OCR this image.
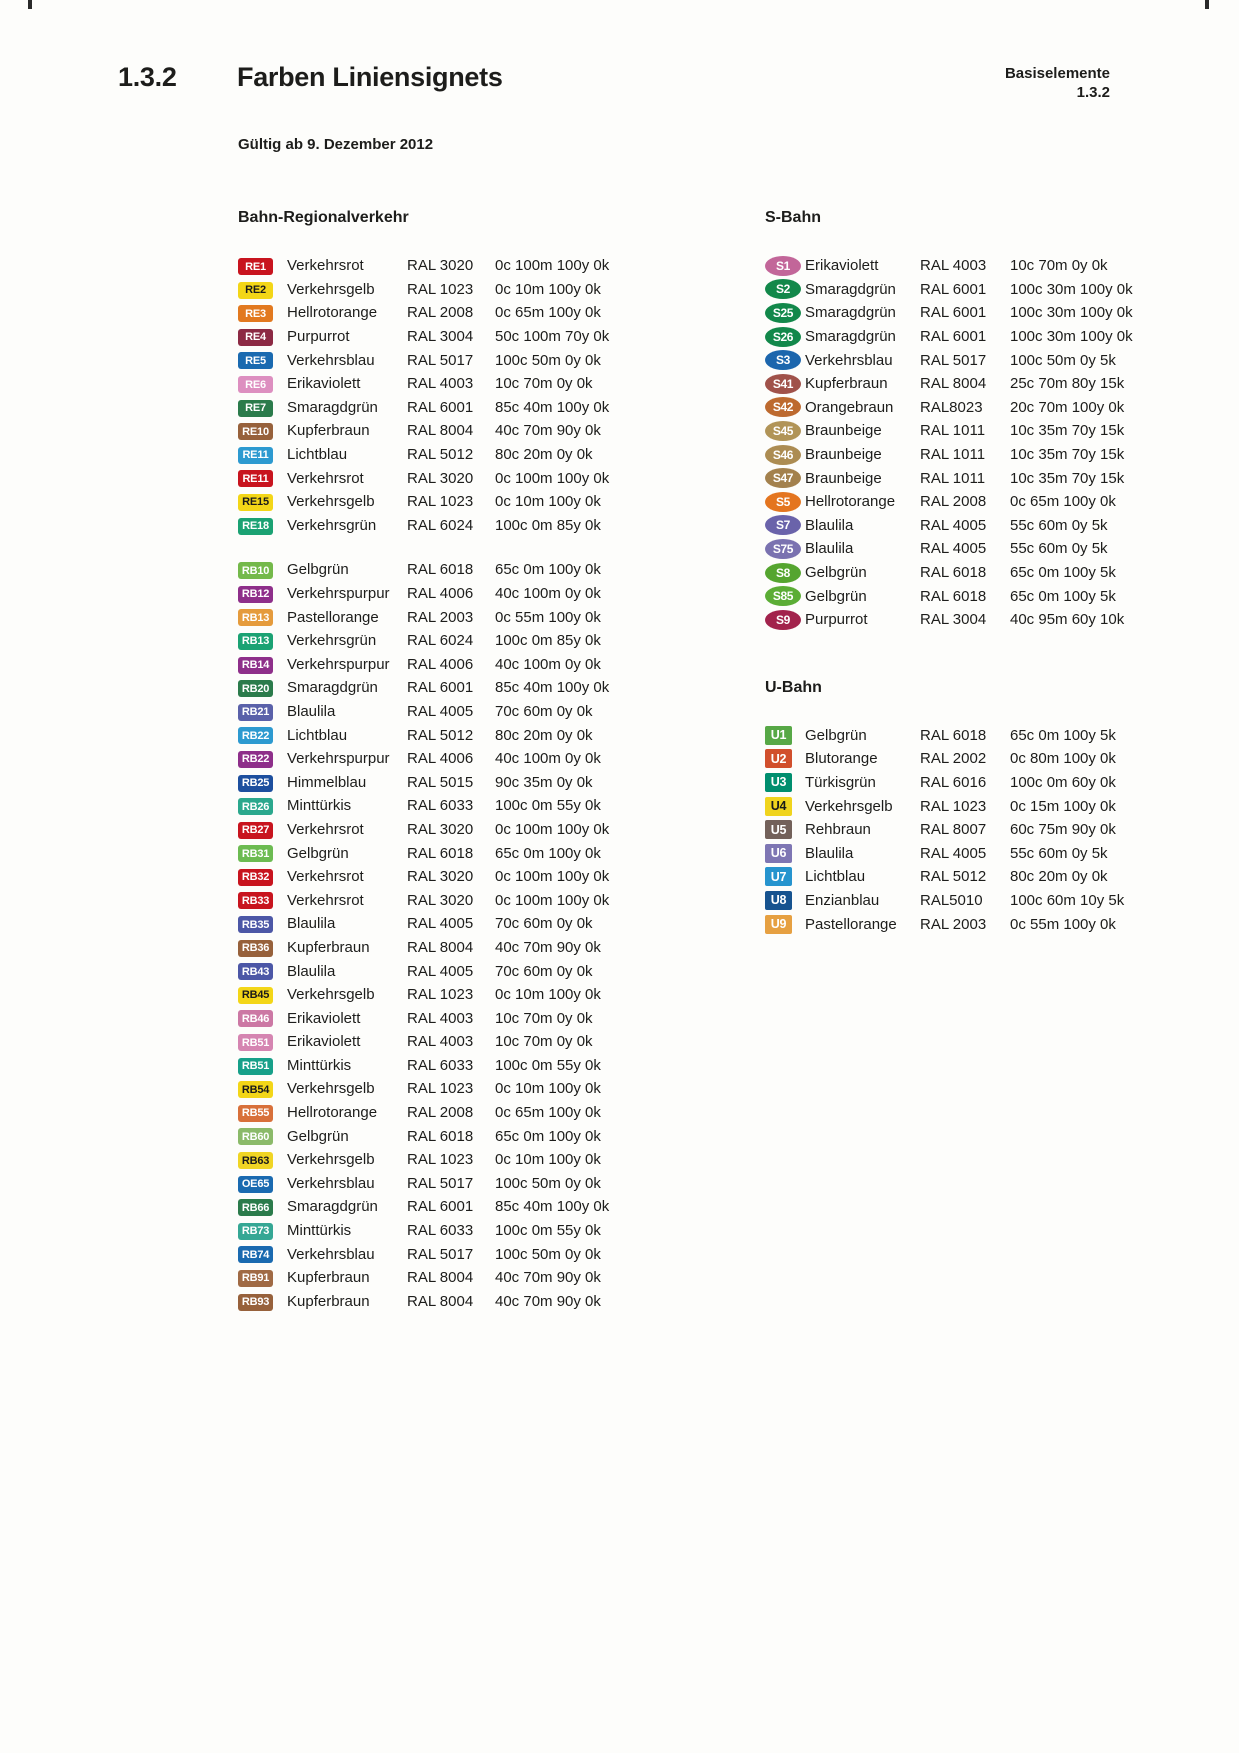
1.3.2 Farben Liniensignets	Basiselemente
1.3.2
Gültig ab 9. Dezember 2012
Bahn-Regionalverkehr
RE1	Verkehrsrot	RAL 3020	0c 100m 100y 0k
RE2	Verkehrsgelb	RAL 1023	0c 10m 100y 0k
RE3	Hellrotorange	RAL 2008	0c 65m 100y 0k
RE4	Purpurrot	RAL 3004	50c 100m 70y 0k
RE5	Verkehrsblau	RAL 5017	100c 50m 0y 0k
RE6	Erikaviolett	RAL 4003	10c 70m 0y 0k
RE7	Smaragdgrün	RAL 6001	85c 40m 100y 0k
RE10	Kupferbraun	RAL 8004	40c 70m 90y 0k
RE11	Lichtblau	RAL 5012	80c 20m 0y 0k
RE11	Verkehrsrot	RAL 3020	0c 100m 100y 0k
RE15	Verkehrsgelb	RAL 1023	0c 10m 100y 0k
RE18	Verkehrsgrün	RAL 6024	100c 0m 85y 0k
RB10	Gelbgrün	RAL 6018	65c 0m 100y 0k
RB12	Verkehrspurpur	RAL 4006	40c 100m 0y 0k
RB13	Pastellorange	RAL 2003	0c 55m 100y 0k
RB13	Verkehrsgrün	RAL 6024	100c 0m 85y 0k
RB14	Verkehrspurpur	RAL 4006	40c 100m 0y 0k
RB20	Smaragdgrün	RAL 6001	85c 40m 100y 0k
RB21	Blaulila	RAL 4005	70c 60m 0y 0k
RB22	Lichtblau	RAL 5012	80c 20m 0y 0k
RB22	Verkehrspurpur	RAL 4006	40c 100m 0y 0k
RB25	Himmelblau	RAL 5015	90c 35m 0y 0k
RB26	Minttürkis	RAL 6033	100c 0m 55y 0k
RB27	Verkehrsrot	RAL 3020	0c 100m 100y 0k
RB31	Gelbgrün	RAL 6018	65c 0m 100y 0k
RB32	Verkehrsrot	RAL 3020	0c 100m 100y 0k
RB33	Verkehrsrot	RAL 3020	0c 100m 100y 0k
RB35	Blaulila	RAL 4005	70c 60m 0y 0k
RB36	Kupferbraun	RAL 8004	40c 70m 90y 0k
RB43	Blaulila	RAL 4005	70c 60m 0y 0k
RB45	Verkehrsgelb	RAL 1023	0c 10m 100y 0k
RB46	Erikaviolett	RAL 4003	10c 70m 0y 0k
RB51	Erikaviolett	RAL 4003	10c 70m 0y 0k
RB51	Minttürkis	RAL 6033	100c 0m 55y 0k
RB54	Verkehrsgelb	RAL 1023	0c 10m 100y 0k
RB55	Hellrotorange	RAL 2008	0c 65m 100y 0k
RB60	Gelbgrün	RAL 6018	65c 0m 100y 0k
RB63	Verkehrsgelb	RAL 1023	0c 10m 100y 0k
OE65	Verkehrsblau	RAL 5017	100c 50m 0y 0k
RB66	Smaragdgrün	RAL 6001	85c 40m 100y 0k
RB73	Minttürkis	RAL 6033	100c 0m 55y 0k
RB74	Verkehrsblau	RAL 5017	100c 50m 0y 0k
RB91	Kupferbraun	RAL 8004	40c 70m 90y 0k
RB93	Kupferbraun	RAL 8004	40c 70m 90y 0k
S-Bahn
S1	Erikaviolett	RAL 4003	10c 70m 0y 0k
S2	Smaragdgrün	RAL 6001	100c 30m 100y 0k
S25 Smaragdgrün	RAL 6001	100c 30m 100y 0k
S26 Smaragdgrün	RAL 6001	100c 30m 100y 0k
S3	Verkehrsblau	RAL 5017	100c 50m 0y 5k
S41 Kupferbraun	RAL 8004	25c 70m 80y 15k
S42 Orangebraun	RAL8023	20c 70m 100y 0k
S45 Braunbeige	RAL 1011	10c 35m 70y 15k
S46 Braunbeige	RAL 1011	10c 35m 70y 15k
S47 Braunbeige	RAL 1011	10c 35m 70y 15k
S5	Hellrotorange	RAL 2008	0c 65m 100y 0k
S7	Blaulila	RAL 4005	55c 60m 0y 5k
S75 Blaulila	RAL 4005	55c 60m 0y 5k
S8	Gelbgrün	RAL 6018	65c 0m 100y 5k
S85 Gelbgrün	RAL 6018	65c 0m 100y 5k
S9	Purpurrot	RAL 3004	40c 95m 60y 10k
U-Bahn
U1	Gelbgrün	RAL 6018	65c 0m 100y 5k
U2	Blutorange	RAL 2002	0c 80m 100y 0k
U3	Türkisgrün	RAL 6016	100c 0m 60y 0k
U4	Verkehrsgelb	RAL 1023	0c 15m 100y 0k
U5	Rehbraun	RAL 8007	60c 75m 90y 0k
U6	Blaulila	RAL 4005	55c 60m 0y 5k
U7	Lichtblau	RAL 5012	80c 20m 0y 0k
U8	Enzianblau	RAL5010	100c 60m 10y 5k
U9	Pastellorange	RAL 2003	0c 55m 100y 0k
